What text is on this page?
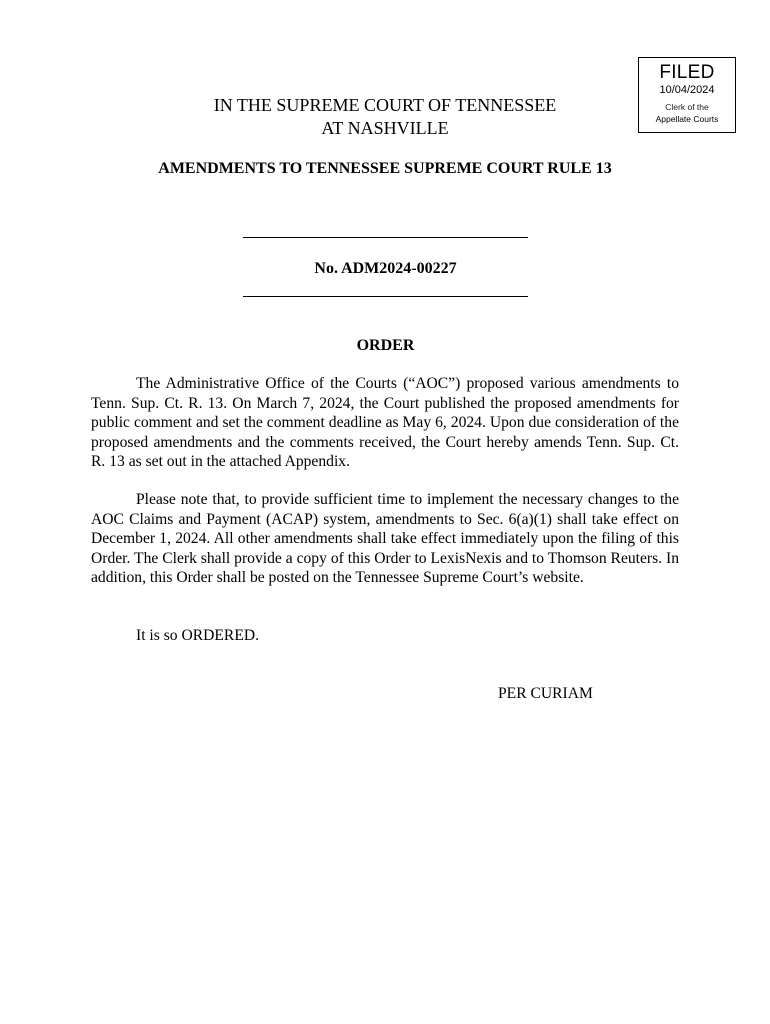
FILED
10/04/2024
Clerk of the
Appellate Courts
IN THE SUPREME COURT OF TENNESSEE
AT NASHVILLE
AMENDMENTS TO TENNESSEE SUPREME COURT RULE 13
No. ADM2024-00227
ORDER

The Administrative Office of the Courts (“AOC”) proposed various amendments to Tenn. Sup. Ct. R. 13. On March 7, 2024, the Court published the proposed amendments for public comment and set the comment deadline as May 6, 2024. Upon due consideration of the proposed amendments and the comments received, the Court hereby amends Tenn. Sup. Ct. R. 13 as set out in the attached Appendix.

Please note that, to provide sufficient time to implement the necessary changes to the AOC Claims and Payment (ACAP) system, amendments to Sec. 6(a)(1) shall take effect on December 1, 2024. All other amendments shall take effect immediately upon the filing of this Order. The Clerk shall provide a copy of this Order to LexisNexis and to Thomson Reuters. In addition, this Order shall be posted on the Tennessee Supreme Court’s website.

It is so ORDERED.

PER CURIAM
